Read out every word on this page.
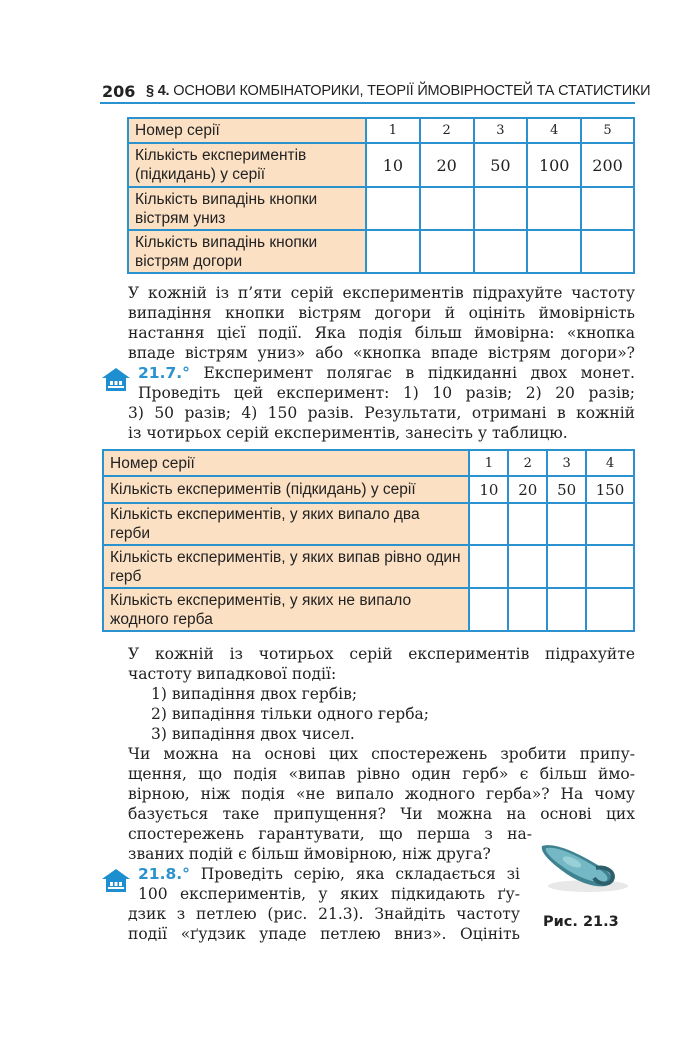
206 § 4. ОСНОВИ КОМБІНАТОРИКИ, ТЕОРІЇ ЙМОВІРНОСТЕЙ ТА СТАТИСТИКИ
Номер серії	1	2	3	4	5
Кількість експериментів (підкидань) у серії	10	20	50	100	200
Кількість випадінь кнопки вістрям униз					
Кількість випадінь кнопки вістрям догори					
У кожній із п’яти серій експериментів підрахуйте частоту
випадіння кнопки вістрям догори й оцініть ймовірність
настання цієї події. Яка подія більш ймовірна: «кнопка
впаде вістрям униз» або «кнопка впаде вістрям догори»?
21.7.° Експеримент полягає в підкиданні двох монет.
Проведіть цей експеримент: 1) 10 разів; 2) 20 разів;
3) 50 разів; 4) 150 разів. Результати, отримані в кожній
із чотирьох серій експериментів, занесіть у таблицю.
Номер серії	1	2	3	4
Кількість експериментів (підкидань) у серії	10	20	50	150
Кількість експериментів, у яких випало два герби				
Кількість експериментів, у яких випав рівно один герб				
Кількість експериментів, у яких не випало жодного герба				
У кожній із чотирьох серій експериментів підрахуйте
частоту випадкової події:
1) випадіння двох гербів;
2) випадіння тільки одного герба;
3) випадіння двох чисел.
Чи можна на основі цих спостережень зробити припу-
щення, що подія «випав рівно один герб» є більш ймо-
вірною, ніж подія «не випало жодного герба»? На чому
базується таке припущення? Чи можна на основі цих
спостережень гарантувати, що перша з на-
званих подій є більш ймовірною, ніж друга?
21.8.° Проведіть серію, яка складається зі
100 експериментів, у яких підкидають ґу-
дзик з петлею (рис. 21.3). Знайдіть частоту
події «ґудзик упаде петлею вниз». Оцініть
Рис. 21.3
